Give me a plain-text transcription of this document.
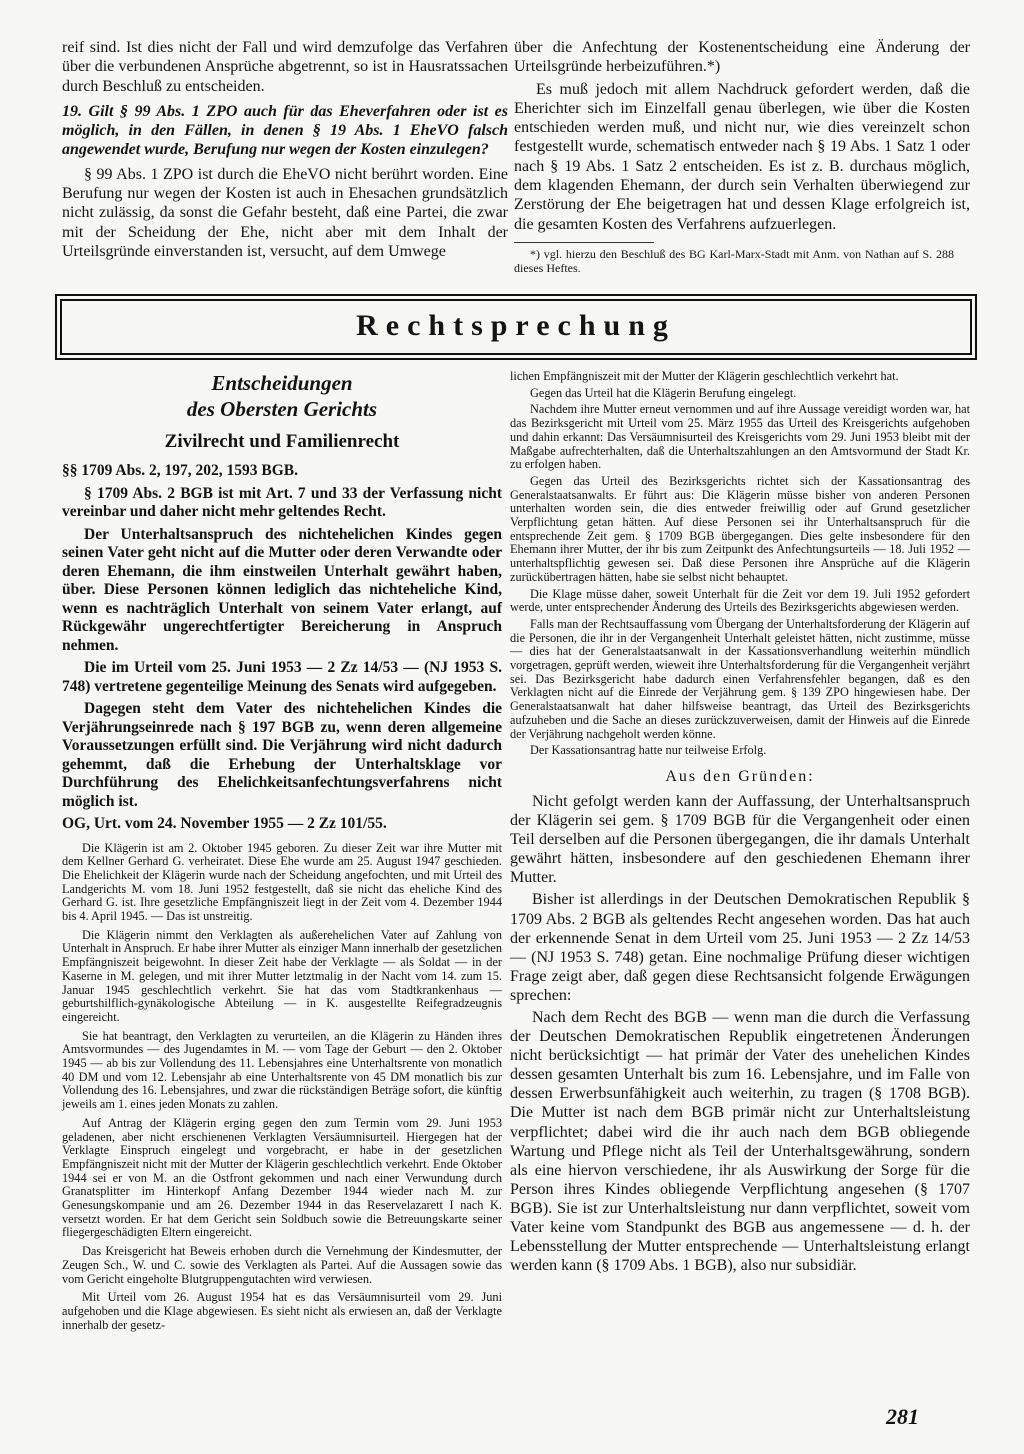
reif sind. Ist dies nicht der Fall und wird demzufolge das Verfahren über die verbundenen Ansprüche abgetrennt, so ist in Hausratssachen durch Beschluß zu entscheiden.

19. Gilt § 99 Abs. 1 ZPO auch für das Eheverfahren oder ist es möglich, in den Fällen, in denen § 19 Abs. 1 EheVO falsch angewendet wurde, Berufung nur wegen der Kosten einzulegen?

§ 99 Abs. 1 ZPO ist durch die EheVO nicht berührt worden. Eine Berufung nur wegen der Kosten ist auch in Ehesachen grundsätzlich nicht zulässig, da sonst die Gefahr besteht, daß eine Partei, die zwar mit der Scheidung der Ehe, nicht aber mit dem Inhalt der Urteilsgründe einverstanden ist, versucht, auf dem Umwege

über die Anfechtung der Kostenentscheidung eine Änderung der Urteilsgründe herbeizuführen.*)

Es muß jedoch mit allem Nachdruck gefordert werden, daß die Eherichter sich im Einzelfall genau überlegen, wie über die Kosten entschieden werden muß, und nicht nur, wie dies vereinzelt schon festgestellt wurde, schematisch entweder nach § 19 Abs. 1 Satz 1 oder nach § 19 Abs. 1 Satz 2 entscheiden. Es ist z. B. durchaus möglich, dem klagenden Ehemann, der durch sein Verhalten überwiegend zur Zerstörung der Ehe beigetragen hat und dessen Klage erfolgreich ist, die gesamten Kosten des Verfahrens aufzuerlegen.

*) vgl. hierzu den Beschluß des BG Karl-Marx-Stadt mit Anm. von Nathan auf S. 288 dieses Heftes.
Rechtsprechung

Entscheidungen

des Obersten Gerichts

Zivilrecht und Familienrecht

§§ 1709 Abs. 2, 197, 202, 1593 BGB.

§ 1709 Abs. 2 BGB ist mit Art. 7 und 33 der Verfassung nicht vereinbar und daher nicht mehr geltendes Recht.

Der Unterhaltsanspruch des nichtehelichen Kindes gegen seinen Vater geht nicht auf die Mutter oder deren Verwandte oder deren Ehemann, die ihm einstweilen Unterhalt gewährt haben, über. Diese Personen können lediglich das nichteheliche Kind, wenn es nachträglich Unterhalt von seinem Vater erlangt, auf Rückgewähr ungerechtfertigter Bereicherung in Anspruch nehmen.

Die im Urteil vom 25. Juni 1953 — 2 Zz 14/53 — (NJ 1953 S. 748) vertretene gegenteilige Meinung des Senats wird aufgegeben.

Dagegen steht dem Vater des nichtehelichen Kindes die Verjährungseinrede nach § 197 BGB zu, wenn deren allgemeine Voraussetzungen erfüllt sind. Die Verjährung wird nicht dadurch gehemmt, daß die Erhebung der Unterhaltsklage vor Durchführung des Ehelichkeitsanfechtungsverfahrens nicht möglich ist.

OG, Urt. vom 24. November 1955 — 2 Zz 101/55.

Die Klägerin ist am 2. Oktober 1945 geboren. Zu dieser Zeit war ihre Mutter mit dem Kellner Gerhard G. verheiratet. Diese Ehe wurde am 25. August 1947 geschieden. Die Ehelichkeit der Klägerin wurde nach der Scheidung angefochten, und mit Urteil des Landgerichts M. vom 18. Juni 1952 festgestellt, daß sie nicht das eheliche Kind des Gerhard G. ist. Ihre gesetzliche Empfängniszeit liegt in der Zeit vom 4. Dezember 1944 bis 4. April 1945. — Das ist unstreitig.

Die Klägerin nimmt den Verklagten als außerehelichen Vater auf Zahlung von Unterhalt in Anspruch. Er habe ihrer Mutter als einziger Mann innerhalb der gesetzlichen Empfängniszeit beigewohnt. In dieser Zeit habe der Verklagte — als Soldat — in der Kaserne in M. gelegen, und mit ihrer Mutter letztmalig in der Nacht vom 14. zum 15. Januar 1945 geschlechtlich verkehrt. Sie hat das vom Stadtkrankenhaus — geburtshilflich-gynäkologische Abteilung — in K. ausgestellte Reifegradzeugnis eingereicht.

Sie hat beantragt, den Verklagten zu verurteilen, an die Klägerin zu Händen ihres Amtsvormundes — des Jugendamtes in M. — vom Tage der Geburt — den 2. Oktober 1945 — ab bis zur Vollendung des 11. Lebensjahres eine Unterhaltsrente von monatlich 40 DM und vom 12. Lebensjahr ab eine Unterhaltsrente von 45 DM monatlich bis zur Vollendung des 16. Lebensjahres, und zwar die rückständigen Beträge sofort, die künftig jeweils am 1. eines jeden Monats zu zahlen.

Auf Antrag der Klägerin erging gegen den zum Termin vom 29. Juni 1953 geladenen, aber nicht erschienenen Verklagten Versäumnisurteil. Hiergegen hat der Verklagte Einspruch eingelegt und vorgebracht, er habe in der gesetzlichen Empfängniszeit nicht mit der Mutter der Klägerin geschlechtlich verkehrt. Ende Oktober 1944 sei er von M. an die Ostfront gekommen und nach einer Verwundung durch Granatsplitter im Hinterkopf Anfang Dezember 1944 wieder nach M. zur Genesungskompanie und am 26. Dezember 1944 in das Reservelazarett I nach K. versetzt worden. Er hat dem Gericht sein Soldbuch sowie die Betreuungskarte seiner fliegergeschädigten Eltern eingereicht.

Das Kreisgericht hat Beweis erhoben durch die Vernehmung der Kindesmutter, der Zeugen Sch., W. und C. sowie des Verklagten als Partei. Auf die Aussagen sowie das vom Gericht eingeholte Blutgruppengutachten wird verwiesen.

Mit Urteil vom 26. August 1954 hat es das Versäumnisurteil vom 29. Juni aufgehoben und die Klage abgewiesen. Es sieht nicht als erwiesen an, daß der Verklagte innerhalb der gesetz-

lichen Empfängniszeit mit der Mutter der Klägerin geschlechtlich verkehrt hat.

Gegen das Urteil hat die Klägerin Berufung eingelegt.

Nachdem ihre Mutter erneut vernommen und auf ihre Aussage vereidigt worden war, hat das Bezirksgericht mit Urteil vom 25. März 1955 das Urteil des Kreisgerichts aufgehoben und dahin erkannt: Das Versäumnisurteil des Kreisgerichts vom 29. Juni 1953 bleibt mit der Maßgabe aufrechterhalten, daß die Unterhaltszahlungen an den Amtsvormund der Stadt Kr. zu erfolgen haben.

Gegen das Urteil des Bezirksgerichts richtet sich der Kassationsantrag des Generalstaatsanwalts. Er führt aus: Die Klägerin müsse bisher von anderen Personen unterhalten worden sein, die dies entweder freiwillig oder auf Grund gesetzlicher Verpflichtung getan hätten. Auf diese Personen sei ihr Unterhaltsanspruch für die entsprechende Zeit gem. § 1709 BGB übergegangen. Dies gelte insbesondere für den Ehemann ihrer Mutter, der ihr bis zum Zeitpunkt des Anfechtungsurteils — 18. Juli 1952 — unterhaltspflichtig gewesen sei. Daß diese Personen ihre Ansprüche auf die Klägerin zurückübertragen hätten, habe sie selbst nicht behauptet.

Die Klage müsse daher, soweit Unterhalt für die Zeit vor dem 19. Juli 1952 gefordert werde, unter entsprechender Änderung des Urteils des Bezirksgerichts abgewiesen werden.

Falls man der Rechtsauffassung vom Übergang der Unterhaltsforderung der Klägerin auf die Personen, die ihr in der Vergangenheit Unterhalt geleistet hätten, nicht zustimme, müsse — dies hat der Generalstaatsanwalt in der Kassationsverhandlung weiterhin mündlich vorgetragen, geprüft werden, wieweit ihre Unterhaltsforderung für die Vergangenheit verjährt sei. Das Bezirksgericht habe dadurch einen Verfahrensfehler begangen, daß es den Verklagten nicht auf die Einrede der Verjährung gem. § 139 ZPO hingewiesen habe. Der Generalstaatsanwalt hat daher hilfsweise beantragt, das Urteil des Bezirksgerichts aufzuheben und die Sache an dieses zurückzuverweisen, damit der Hinweis auf die Einrede der Verjährung nachgeholt werden könne.

Der Kassationsantrag hatte nur teilweise Erfolg.

Aus den Gründen:

Nicht gefolgt werden kann der Auffassung, der Unterhaltsanspruch der Klägerin sei gem. § 1709 BGB für die Vergangenheit oder einen Teil derselben auf die Personen übergegangen, die ihr damals Unterhalt gewährt hätten, insbesondere auf den geschiedenen Ehemann ihrer Mutter.

Bisher ist allerdings in der Deutschen Demokratischen Republik § 1709 Abs. 2 BGB als geltendes Recht angesehen worden. Das hat auch der erkennende Senat in dem Urteil vom 25. Juni 1953 — 2 Zz 14/53 — (NJ 1953 S. 748) getan. Eine nochmalige Prüfung dieser wichtigen Frage zeigt aber, daß gegen diese Rechtsansicht folgende Erwägungen sprechen:

Nach dem Recht des BGB — wenn man die durch die Verfassung der Deutschen Demokratischen Republik eingetretenen Änderungen nicht berücksichtigt — hat primär der Vater des unehelichen Kindes dessen gesamten Unterhalt bis zum 16. Lebensjahre, und im Falle von dessen Erwerbsunfähigkeit auch weiterhin, zu tragen (§ 1708 BGB). Die Mutter ist nach dem BGB primär nicht zur Unterhaltsleistung verpflichtet; dabei wird die ihr auch nach dem BGB obliegende Wartung und Pflege nicht als Teil der Unterhaltsgewährung, sondern als eine hiervon verschiedene, ihr als Auswirkung der Sorge für die Person ihres Kindes obliegende Verpflichtung angesehen (§ 1707 BGB). Sie ist zur Unterhaltsleistung nur dann verpflichtet, soweit vom Vater keine vom Standpunkt des BGB aus angemessene — d. h. der Lebensstellung der Mutter entsprechende — Unterhaltsleistung erlangt werden kann (§ 1709 Abs. 1 BGB), also nur subsidiär.

281
